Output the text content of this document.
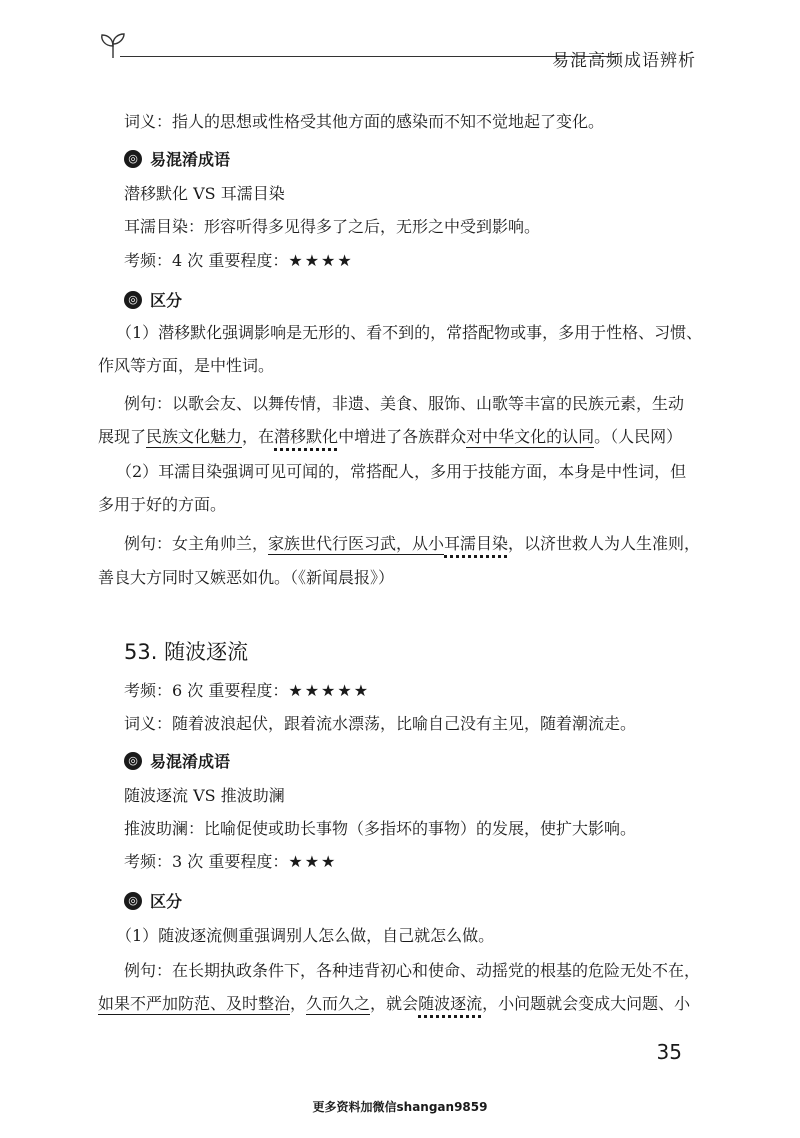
易混高频成语辨析
词义：指人的思想或性格受其他方面的感染而不知不觉地起了变化。
◎ 易混淆成语
潜移默化 VS 耳濡目染
耳濡目染：形容听得多见得多了之后，无形之中受到影响。
考频：4 次 重要程度：★★★★
◎ 区分
（1）潜移默化强调影响是无形的、看不到的，常搭配物或事，多用于性格、习惯、
作风等方面，是中性词。
例句：以歌会友、以舞传情，非遗、美食、服饰、山歌等丰富的民族元素，生动
展现了民族文化魅力，在潜移默化中增进了各族群众对中华文化的认同。（人民网）
（2）耳濡目染强调可见可闻的，常搭配人，多用于技能方面，本身是中性词，但
多用于好的方面。
例句：女主角帅兰，家族世代行医习武，从小耳濡目染，以济世救人为人生准则，
善良大方同时又嫉恶如仇。（《新闻晨报》）
53. 随波逐流
考频：6 次 重要程度：★★★★★
词义：随着波浪起伏，跟着流水漂荡，比喻自己没有主见，随着潮流走。
◎ 易混淆成语
随波逐流 VS 推波助澜
推波助澜：比喻促使或助长事物（多指坏的事物）的发展，使扩大影响。
考频：3 次 重要程度：★★★
◎ 区分
（1）随波逐流侧重强调别人怎么做，自己就怎么做。
例句：在长期执政条件下，各种违背初心和使命、动摇党的根基的危险无处不在，
如果不严加防范、及时整治，久而久之，就会随波逐流，小问题就会变成大问题、小
35
更多资料加微信shangan9859
